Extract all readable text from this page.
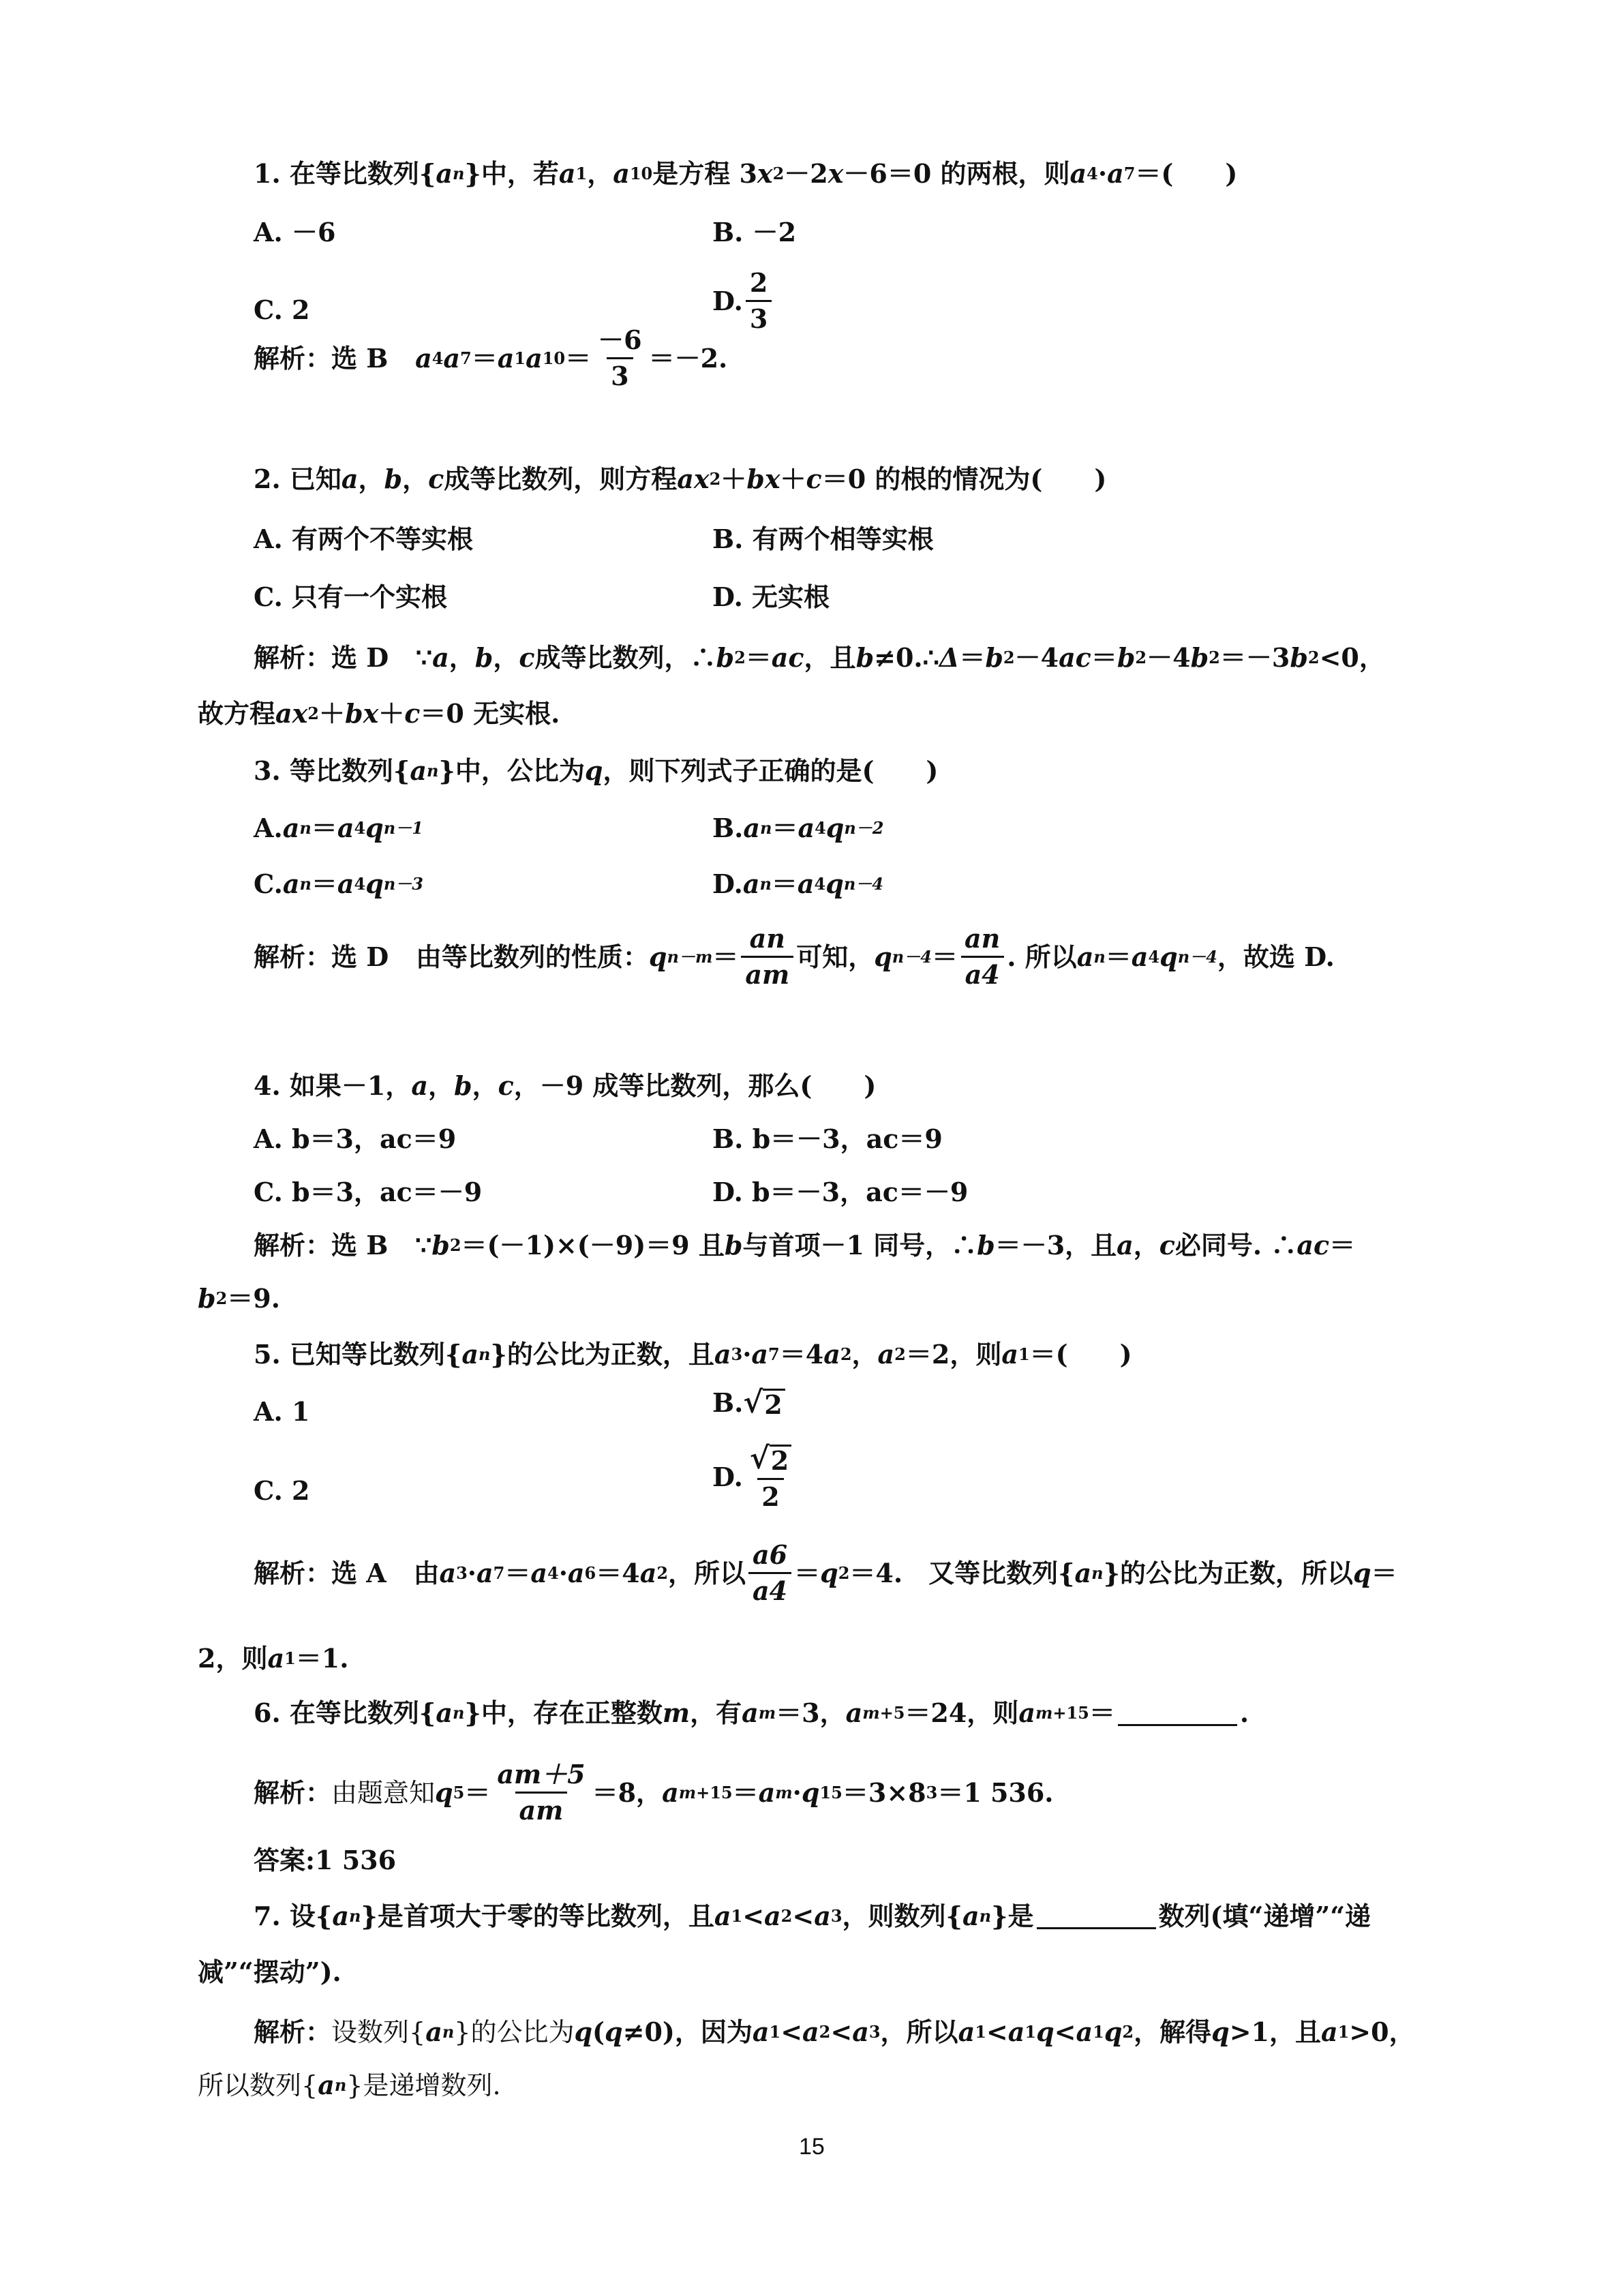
1. 在等比数列{ a n }中，若 a 1 ， a 10 是方程 3 x 2 －2 x －6＝0 的两根，则 a 4 · a 7 ＝(　　)
A. －6	B. －2
C. 2	D. $\frac{2}{3}$
解析： 选 B
a 4 a 7 ＝ a 1 a $10 = \frac{-6}{3} =-2$.
2. 已知 a ， b ， c 成等比数列，则方程 ax 2 ＋ bx ＋ c ＝0 的根的情况为(　　)
A. 有两个不等实根	B. 有两个相等实根
C. 只有一个实根	D. 无实根
解析： 选 D
∵ a ， b ， c 成等比数列，∴ b 2 ＝ ac ，且 b ≠0.∴ Δ ＝ b 2 －4 ac ＝ b 2 －4 b 2 ＝－3 b 2 <0，
故方程 ax 2 ＋ bx ＋ c ＝0 无实根.
3. 等比数列{ a n }中，公比为 q ，则下列式子正确的是(　　)
A. a n ＝ a 4 q n－1	B. a n ＝ a 4 q n－2
C. a n ＝ a 4 q n－3	D. a n ＝ a 4 q n－4
解析： 选 D
由等比数列的性质： q $n-m = \frac{an}{am}$ 可知， q $n-4 = \frac{an}{a4}$ . 所以 a n ＝ a 4 q n－4 ，故选 D.
4. 如果－1， a ， b ， c ，－9 成等比数列，那么(　　)
A. b＝3，ac＝9	B. b＝－3，ac＝9
C. b＝3，ac＝－9	D. b＝－3，ac＝－9
解析： 选 B
∵ b 2 ＝(－1)×(－9)＝9 且 b 与首项－1 同号，∴ b ＝－3，且 a ， c 必同号. ∴ ac ＝
b 2 ＝9.
5. 已知等比数列{ a n }的公比为正数，且 a 3 · a 7 ＝4 a 2 ， a 2 ＝2，则 a 1 ＝(　　)
A. 1	B. √ 2
C. 2	D. $\frac{√ 2}{2}$
解析： 选 A
由 a 3 · a 7 ＝ a 4 · a 6 ＝4 a 2 ，所以 $\frac{a6}{a4} = q$ 2 ＝4.　又等比数列{ a n }的公比为正数，所以 q ＝
2，则 a 1 ＝1.
6. 在等比数列{ a n }中，存在正整数 m ，有 a m ＝3， a m+5 ＝24，则 a m+15 ＝	.
解析： 由题意知 q $5 = \frac{am+5}{am} =8$， a m+15 ＝ a m · q 15 ＝3×8 3 ＝1 536.
答案: 1 536
7. 设{ a n }是首项大于零的等比数列，且 a 1 < a 2 < a 3 ，则数列{ a n }是	数列(填“递增”“递
减”“摆动”).
解析： 设数列{ a n }的公比为 q ( q ≠0)，因为 a 1 < a 2 < a 3 ，所以 a 1 < a 1 q < a 1 q 2 ，解得 q >1，且 a 1 >0，
所以数列{ a n }是递增数列.
15
